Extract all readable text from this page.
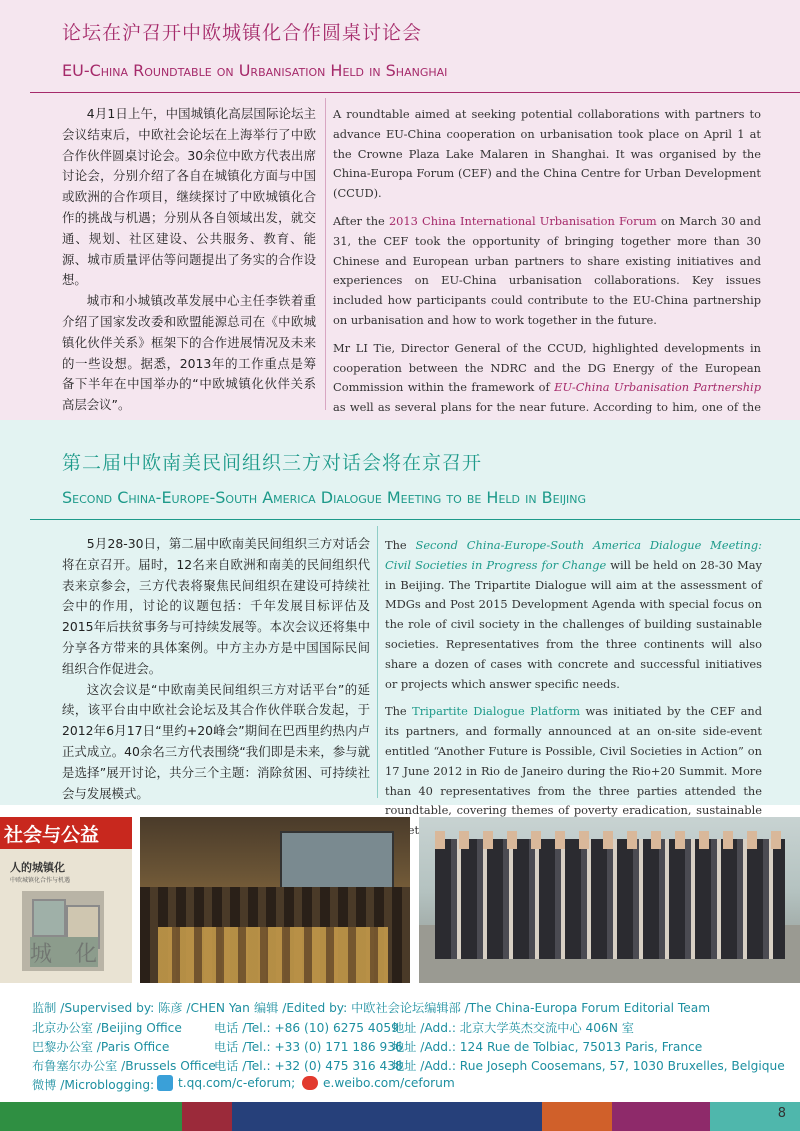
论坛在沪召开中欧城镇化合作圆桌讨论会
EU-China Roundtable on Urbanisation Held in Shanghai

4月1日上午，中国城镇化高层国际论坛主会议结束后，中欧社会论坛在上海举行了中欧合作伙伴圆桌讨论会。30余位中欧方代表出席讨论会，分别介绍了各自在城镇化方面与中国或欧洲的合作项目，继续探讨了中欧城镇化合作的挑战与机遇；分别从各自领域出发，就交通、规划、社区建设、公共服务、教育、能源、城市质量评估等问题提出了务实的合作设想。

城市和小城镇改革发展中心主任李铁着重介绍了国家发改委和欧盟能源总司在《中欧城镇化伙伴关系》框架下的合作进展情况及未来的一些设想。据悉，2013年的工作重点是筹备下半年在中国举办的“中欧城镇化伙伴关系高层会议”。

A roundtable aimed at seeking potential collaborations with partners to advance EU-China cooperation on urbanisation took place on April 1 at the Crowne Plaza Lake Malaren in Shanghai. It was organised by the China-Europa Forum (CEF) and the China Centre for Urban Development (CCUD).

After the 2013 China International Urbanisation Forum on March 30 and 31, the CEF took the opportunity of bringing together more than 30 Chinese and European urban partners to share existing initiatives and experiences on EU-China urbanisation collaborations. Key issues included how participants could contribute to the EU-China partnership on urbanisation and how to work together in the future.

Mr LI Tie, Director General of the CCUD, highlighted developments in cooperation between the NDRC and the DG Energy of the European Commission within the framework of EU-China Urbanisation Partnership as well as several plans for the near future. According to him, one of the

第二届中欧南美民间组织三方对话会将在京召开
Second China-Europe-South America Dialogue Meeting to be Held in Beijing

5月28-30日，第二届中欧南美民间组织三方对话会将在京召开。届时，12名来自欧洲和南美的民间组织代表来京参会，三方代表将聚焦民间组织在建设可持续社会中的作用，讨论的议题包括：千年发展目标评估及2015年后扶贫事务与可持续发展等。本次会议还将集中分享各方带来的具体案例。中方主办方是中国国际民间组织合作促进会。

这次会议是“中欧南美民间组织三方对话平台”的延续，该平台由中欧社会论坛及其合作伙伴联合发起，于2012年6月17日“里约+20峰会”期间在巴西里约热内卢正式成立。40余名三方代表围绕“我们即是未来，参与就是选择”展开讨论，共分三个主题：消除贫困、可持续社会与发展模式。

The Second China-Europe-South America Dialogue Meeting: Civil Societies in Progress for Change will be held on 28-30 May in Beijing. The Tripartite Dialogue will aim at the assessment of MDGs and Post 2015 Development Agenda with special focus on the role of civil society in the challenges of building sustainable societies. Representatives from the three continents will also share a dozen of cases with concrete and successful initiatives or projects which answer specific needs.

The Tripartite Dialogue Platform was initiated by the CEF and its partners, and formally announced at an on-site side-event entitled “Another Future is Possible, Civil Societies in Action” on 17 June 2012 in Rio de Janeiro during the Rio+20 Summit. More than 40 representatives from the three parties attended the roundtable, covering themes of poverty eradication, sustainable societies

社会与公益
人的城镇化
中欧城镇化合作与机遇
城 化
监制 /Supervised by: 陈彦 /CHEN Yan 编辑 /Edited by: 中欧社会论坛编辑部 /The China-Europa Forum Editorial Team
北京办公室 /Beijing Office	电话 /Tel.: +86 (10) 6275 4059
地址 /Add.: 北京大学英杰交流中心 406N 室
巴黎办公室 /Paris Office	电话 /Tel.: +33 (0) 171 186 936
地址 /Add.: 124 Rue de Tolbiac, 75013 Paris, France
布鲁塞尔办公室 /Brussels Office
电话 /Tel.: +32 (0) 475 316 438
地址 /Add.: Rue Joseph Coosemans, 57, 1030 Bruxelles, Belgique
微博 /Microblogging: t.qq.com/c-eforum; e.weibo.com/ceforum
8
